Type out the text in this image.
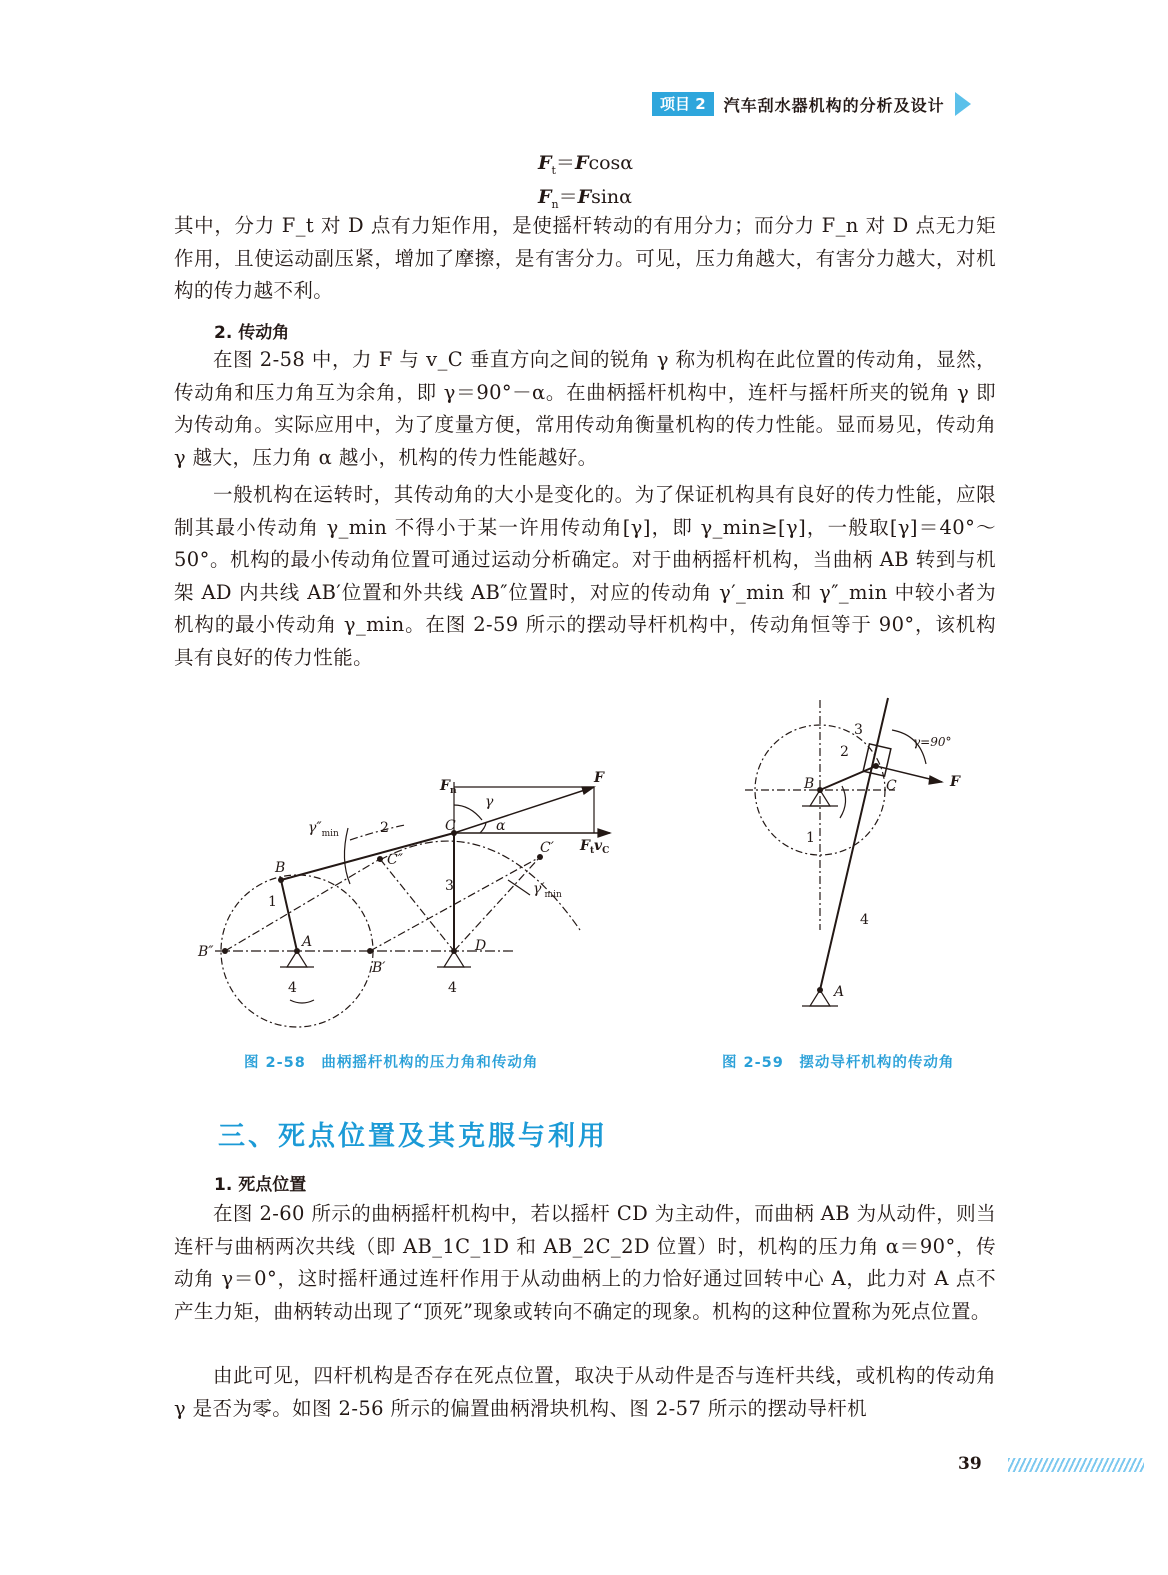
项目 2	汽车刮水器机构的分析及设计
$F_t=Fcos\alpha$
$F_n=Fsin\alpha$

其中，分力 F_t 对 D 点有力矩作用，是使摇杆转动的有用分力；而分力 F_n 对 D 点无力矩作用，且使运动副压紧，增加了摩擦，是有害分力。可见，压力角越大，有害分力越大，对机构的传力越不利。

2. 传动角

在图 2-58 中，力 F 与 v_C 垂直方向之间的锐角 γ 称为机构在此位置的传动角，显然，传动角和压力角互为余角，即 γ＝90°－α。在曲柄摇杆机构中，连杆与摇杆所夹的锐角 γ 即为传动角。实际应用中，为了度量方便，常用传动角衡量机构的传力性能。显而易见，传动角 γ 越大，压力角 α 越小，机构的传力性能越好。

一般机构在运转时，其传动角的大小是变化的。为了保证机构具有良好的传力性能，应限制其最小传动角 γ_min 不得小于某一许用传动角[γ]，即 γ_min≥[γ]，一般取[γ]＝40°～ 50°。机构的最小传动角位置可通过运动分析确定。对于曲柄摇杆机构，当曲柄 AB 转到与机架 AD 内共线 AB′位置和外共线 AB″位置时，对应的传动角 γ′_min 和 γ″_min 中较小者为机构的最小传动角 γ_min。在图 2-59 所示的摆动导杆机构中，传动角恒等于 90°，该机构具有良好的传力性能。

B
B″
B′
A
C
C″
C′
D
F
$F_n$
$F_t$ $v_C$
γ
α
$\gamma''_{min}$
$\gamma'_{min}$
1
2
3
4	4
B	C
A
F
γ=90°
1
2
3
4
图 2-58　曲柄摇杆机构的压力角和传动角	图 2-59　摆动导杆机构的传动角
三、死点位置及其克服与利用
1. 死点位置

在图 2-60 所示的曲柄摇杆机构中，若以摇杆 CD 为主动件，而曲柄 AB 为从动件，则当连杆与曲柄两次共线（即 AB_1C_1D 和 AB_2C_2D 位置）时，机构的压力角 α＝90°，传动角 γ＝0°，这时摇杆通过连杆作用于从动曲柄上的力恰好通过回转中心 A，此力对 A 点不产生力矩，曲柄转动出现了“顶死”现象或转向不确定的现象。机构的这种位置称为死点位置。

由此可见，四杆机构是否存在死点位置，取决于从动件是否与连杆共线，或机构的传动角 γ 是否为零。如图 2-56 所示的偏置曲柄滑块机构、图 2-57 所示的摆动导杆机

39
